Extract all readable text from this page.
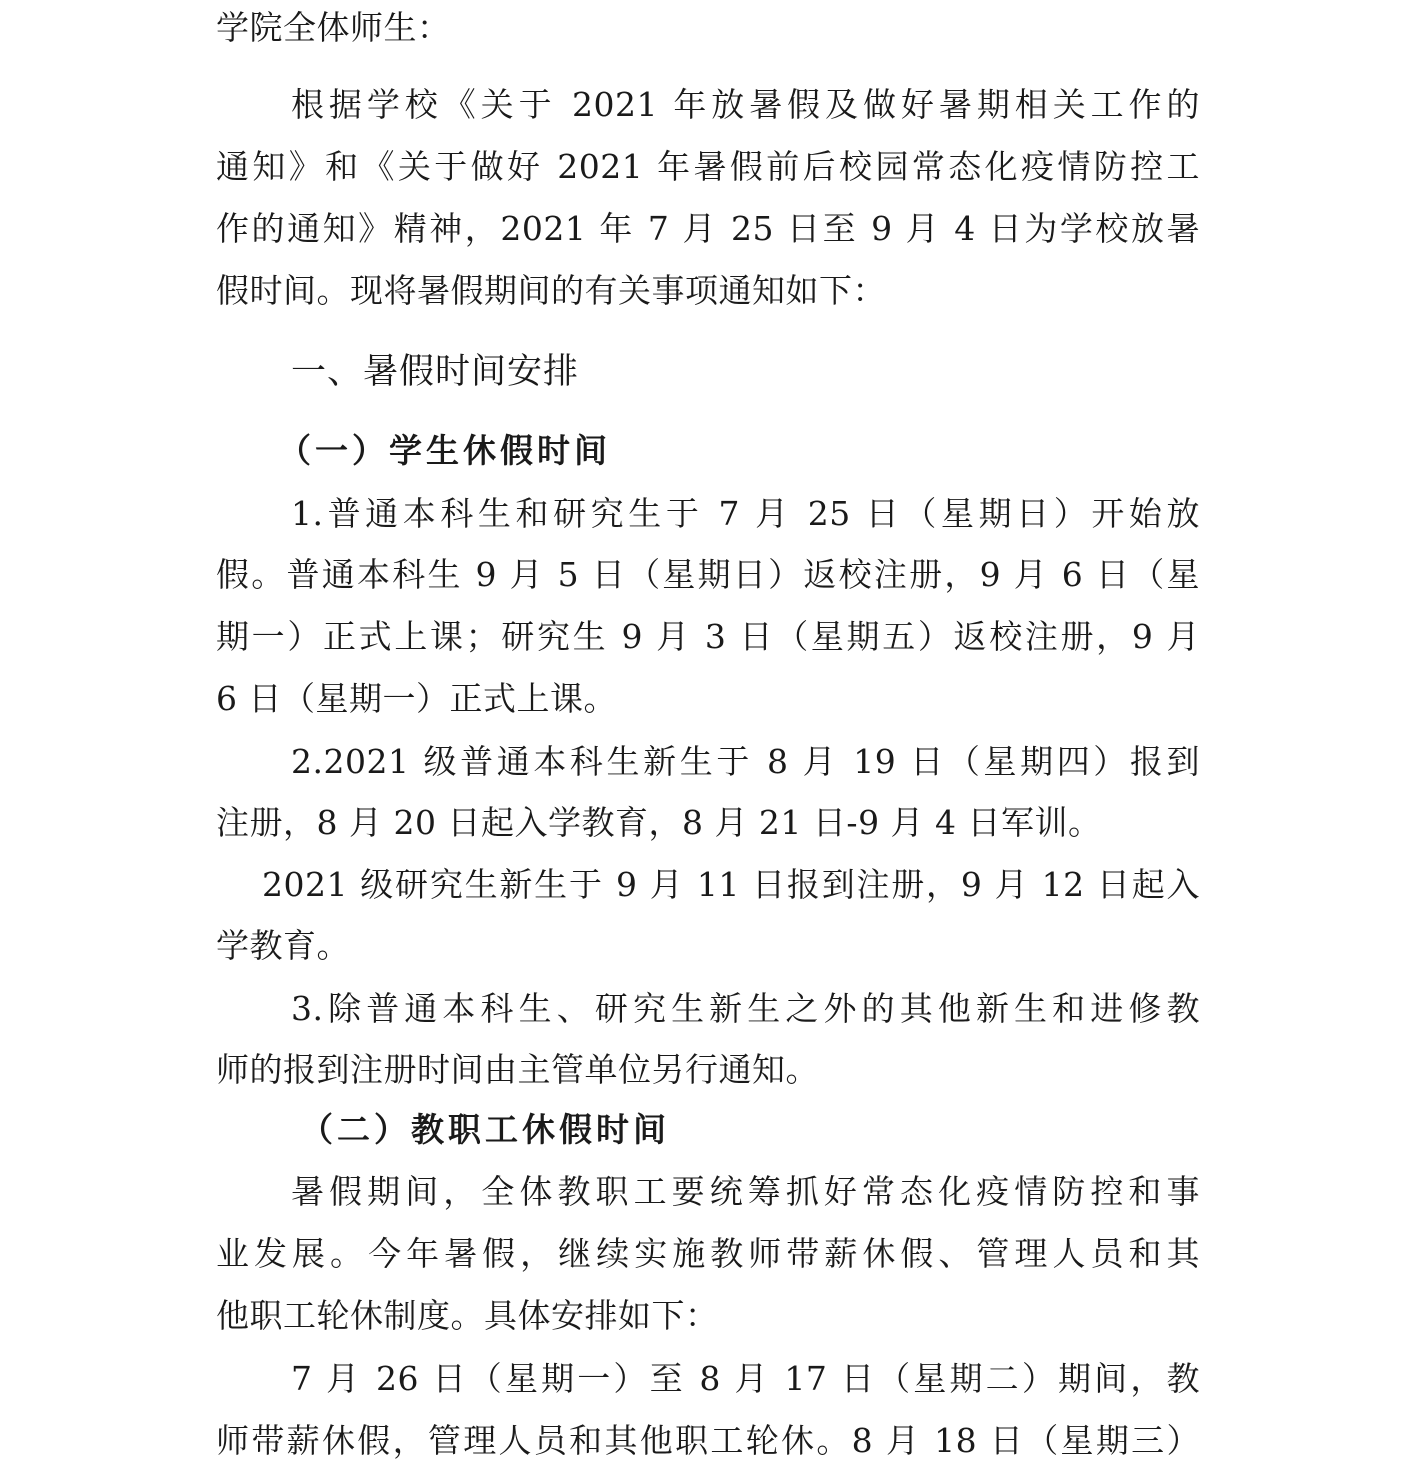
学院全体师生：
根据学校《关于 2021 年放暑假及做好暑期相关工作的
通知》和《关于做好 2021 年暑假前后校园常态化疫情防控工
作的通知》精神，2021 年 7 月 25 日至 9 月 4 日为学校放暑
假时间。现将暑假期间的有关事项通知如下：
一、暑假时间安排
（一）学生休假时间
1.普通本科生和研究生于 7 月 25 日（星期日）开始放
假。普通本科生 9 月 5 日（星期日）返校注册，9 月 6 日（星
期一）正式上课；研究生 9 月 3 日（星期五）返校注册，9 月
6 日（星期一）正式上课。
2.2021 级普通本科生新生于 8 月 19 日（星期四）报到
注册，8 月 20 日起入学教育，8 月 21 日-9 月 4 日军训。
2021 级研究生新生于 9 月 11 日报到注册，9 月 12 日起入
学教育。
3.除普通本科生、研究生新生之外的其他新生和进修教
师的报到注册时间由主管单位另行通知。
（二）教职工休假时间
暑假期间，全体教职工要统筹抓好常态化疫情防控和事
业发展。今年暑假，继续实施教师带薪休假、管理人员和其
他职工轮休制度。具体安排如下：
7 月 26 日（星期一）至 8 月 17 日（星期二）期间，教
师带薪休假，管理人员和其他职工轮休。8 月 18 日（星期三）
